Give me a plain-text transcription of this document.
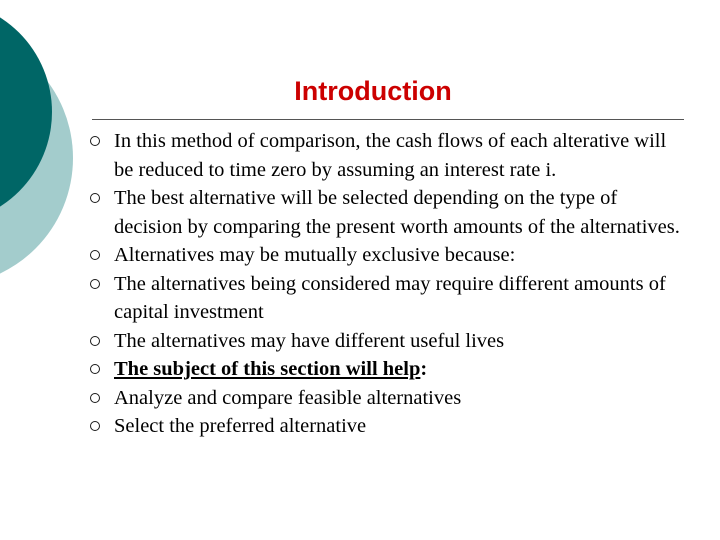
Introduction
In this method of comparison, the cash flows of each alterative will be reduced to time zero by assuming an interest rate i.
The best alternative will be selected depending on the type of decision by comparing the present worth amounts of the alternatives.
Alternatives may be mutually exclusive because:
The alternatives being considered may require different amounts of capital investment
The alternatives may have different useful lives
The subject of this section will help:
Analyze and compare feasible alternatives
Select the preferred alternative
